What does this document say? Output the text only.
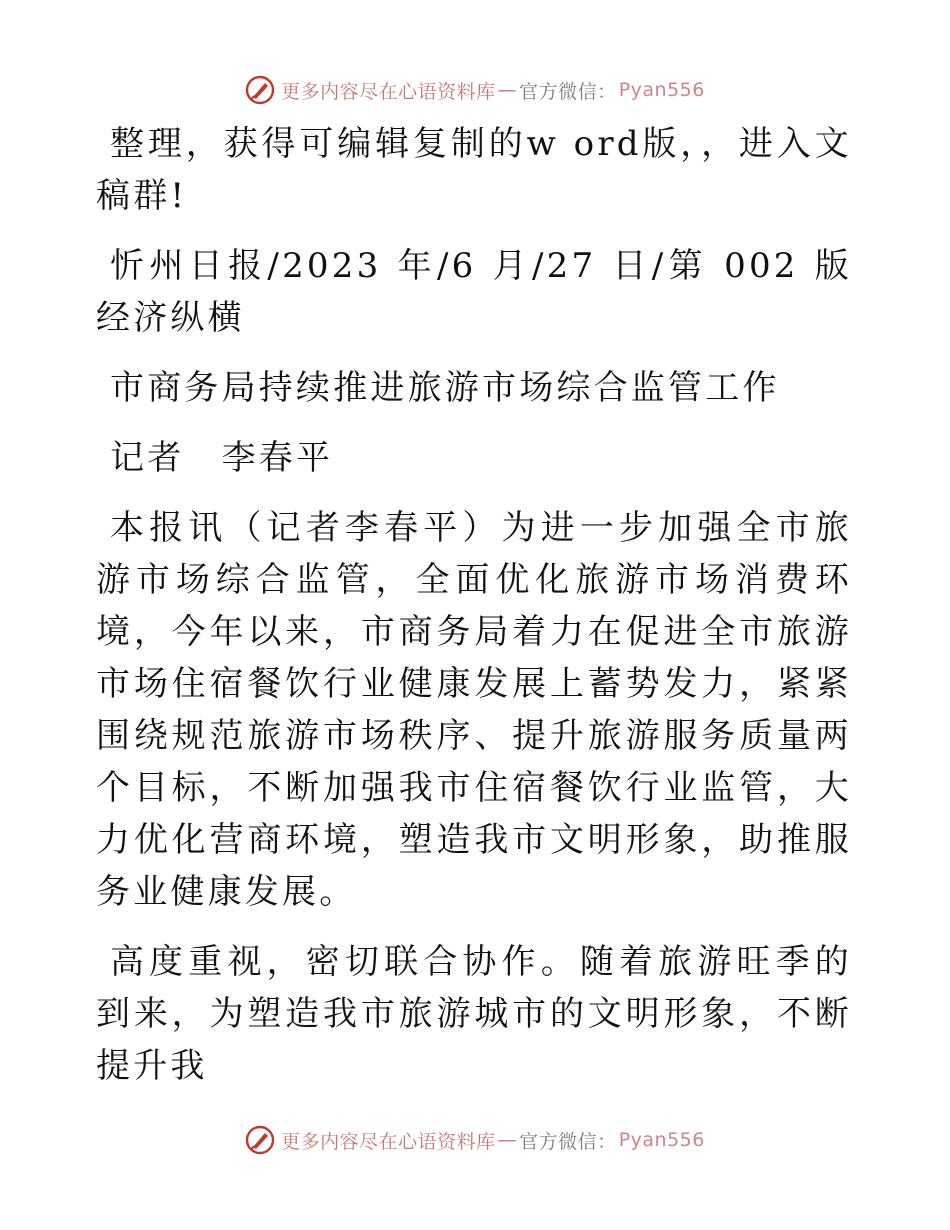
更多内容尽在心语资料库 — 官方微信： Pyan556

整理，获得可编辑复制的w ord版，，进入文稿群!

忻州日报/2023 年/6 月/27 日/第 002 版经济纵横

市商务局持续推进旅游市场综合监管工作

记者　李春平

本报讯（记者李春平）为进一步加强全市旅游市场综合监管，全面优化旅游市场消费环境，今年以来，市商务局着力在促进全市旅游市场住宿餐饮行业健康发展上蓄势发力，紧紧围绕规范旅游市场秩序、提升旅游服务质量两个目标，不断加强我市住宿餐饮行业监管，大力优化营商环境，塑造我市文明形象，助推服务业健康发展。

高度重视，密切联合协作。随着旅游旺季的到来，为塑造我市旅游城市的文明形象，不断提升我

更多内容尽在心语资料库 — 官方微信： Pyan556
